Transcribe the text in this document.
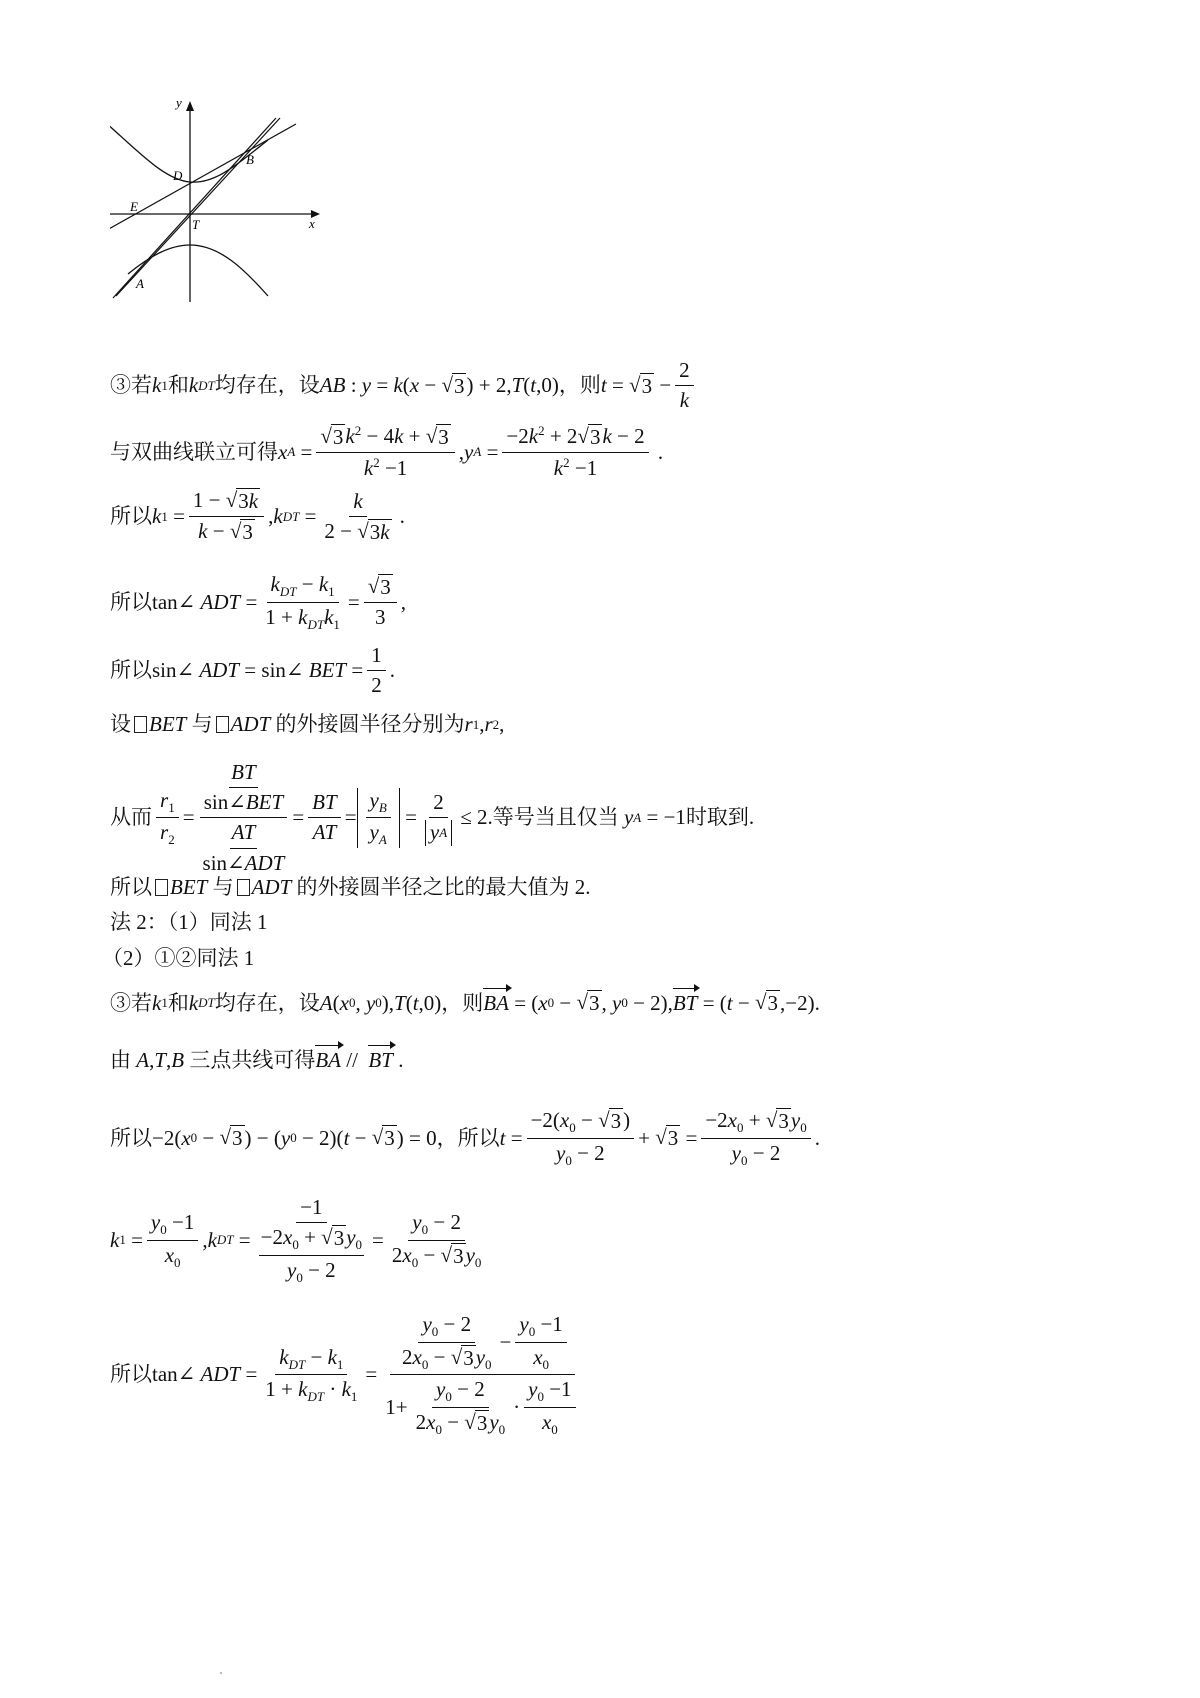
y
D
B
E
T	x
A
③若 k 1 和 k DT 均存在，设 AB : y = k ( x − √ 3 ) + 2, T ( t ,0) ，则 t = √ $3 - \frac{2}{k}$
与双曲线联立可得 x $A = \frac{√ 3 k^2 - 4k + √ 3}{k^2 -1}$ , y $A = \frac{-2k^2 + 2√ 3 k - 2}{k^2 -1}$ .
所以 k $1 = \frac{1 - √ 3k}{k - √ 3}$ , k DT = $\frac{k}{2 - √ 3k}$ .
所以 tan∠ ADT = $\frac{k_{DT} - k_1}{1 + k_{DT}k_1} = \frac{√ 3}{3}$ ,
所以 sin∠ ADT = sin∠ BET = $\frac{1}{2}$ .
设 BET
与 ADT
的外接圆半径分别为 r 1 , r 2 ,
从而 $\frac{r_1}{r_2}$ = BT
sin∠BET
AT
sin∠ADT = $\frac{BT}{AT} = \frac{y_B}{y_A} = \frac{2}{\text{y A}} \le 2$ .等号当且仅当
y A = −1 时取到.
所以 BET
与 ADT
的外接圆半径之比的最大值为 2.
法 2：（1）同法 1
（2）①②同法 1
③若 k 1 和 k DT 均存在，设 A ( x 0 , y 0 ), T ( t ,0) ，则 BA = ( x 0 − √ 3 , y 0 − 2), BT = ( t − √ 3 ,−2).
由
A , T , B
三点共线可得 BA // BT
.
所以 −2( x 0 − √ 3 ) − ( y 0 − 2)( t − √ 3 ) = 0， 所以 $t = \frac{-2(x_0 - √ 3 )}{y_0 - 2}$ + √ $3 = \frac{-2x_0 + √ 3 y_0}{y_0 - 2}$ .
k $1 = \frac{y_0 -1}{x_0}$ , k DT = −1
$-2x_0$ + √ 3 $y_0$
$y_0 - 2 = \frac{y_0 - 2}{2x_0 - √ 3 y_0}$
所以 tan∠ ADT = $\frac{k_{DT} - k_1}{1 + k_{DT} \cdot k_1} = \frac{\frac{y_0 - 2}{2x_0 - √ 3 y_0} - \frac{y_0 -1}{x_0}}{1+ \frac{y_0 - 2}{2x_0 - √ 3 y_0} \cdot \frac{y_0 -1}{x_0}}$
